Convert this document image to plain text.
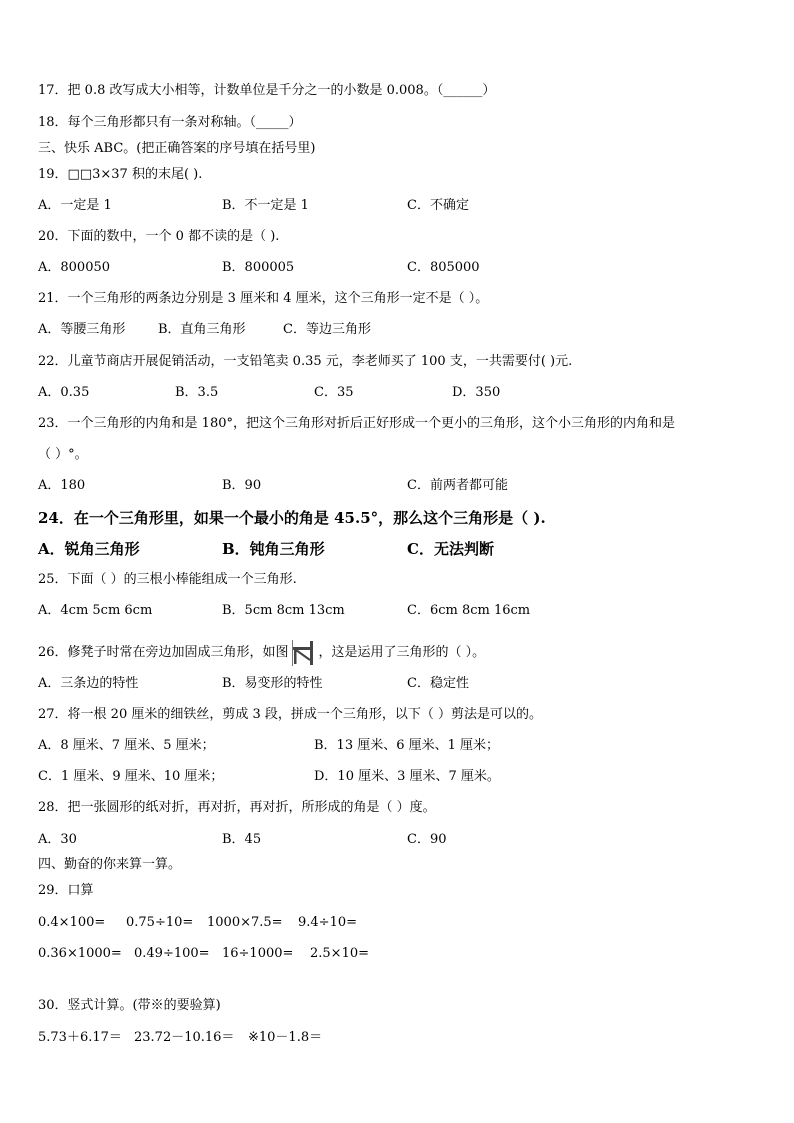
17．把 0.8 改写成大小相等，计数单位是千分之一的小数是 0.008。（______）
18．每个三角形都只有一条对称轴。（_____）
三、快乐 ABC。(把正确答案的序号填在括号里)
19．□□3×37 积的末尾( ).
A．一定是 1	B．不一定是 1	C．不确定
20．下面的数中，一个 0 都不读的是（ ).
A．800050	B．800005	C．805000
21．一个三角形的两条边分别是 3 厘米和 4 厘米，这个三角形一定不是（ ）。
A．等腰三角形	B．直角三角形	C．等边三角形
22．儿童节商店开展促销活动，一支铅笔卖 0.35 元，李老师买了 100 支，一共需要付( )元.
A．0.35	B．3.5	C．35	D．350
23．一个三角形的内角和是 180°，把这个三角形对折后正好形成一个更小的三角形，这个小三角形的内角和是
（ ）°。
A．180	B．90	C．前两者都可能
24．在一个三角形里，如果一个最小的角是 45.5°，那么这个三角形是（ ).
A．锐角三角形	B．钝角三角形	C．无法判断
25．下面（ ）的三根小棒能组成一个三角形.
A．4cm 5cm 6cm	B．5cm 8cm 13cm	C．6cm 8cm 16cm
26．修凳子时常在旁边加固成三角形，如图 ，这是运用了三角形的（ ）。
A．三条边的特性	B．易变形的特性	C．稳定性
27．将一根 20 厘米的细铁丝，剪成 3 段，拼成一个三角形，以下（ ）剪法是可以的。
A．8 厘米、7 厘米、5 厘米；	B．13 厘米、6 厘米、1 厘米；
C．1 厘米、9 厘米、10 厘米；	D．10 厘米、3 厘米、7 厘米。
28．把一张圆形的纸对折，再对折，再对折，所形成的角是（ ）度。
A．30	B．45	C．90
四、勤奋的你来算一算。
29．口算
0.4×100= 0.75÷10= 1000×7.5= 9.4÷10=
0.36×1000= 0.49÷100= 16÷1000= 2.5×10=
30．竖式计算。(带※的要验算)
5.73＋6.17＝ 23.72－10.16＝ ※10－1.8＝
